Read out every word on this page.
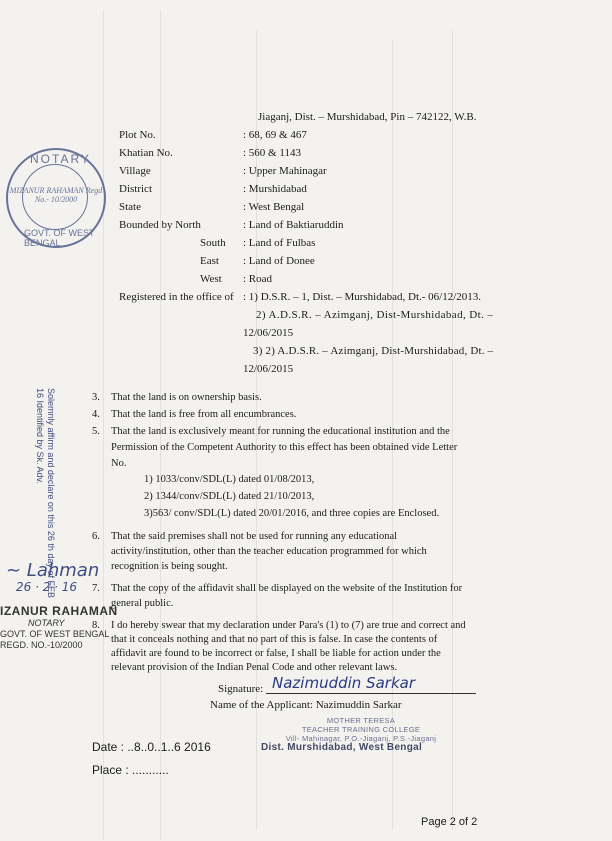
Jiaganj, Dist. – Murshidabad, Pin – 742122, W.B.
Plot No.	: 68, 69 & 467
Khatian No.	: 560 & 1143
Village	: Upper Mahinagar
District	: Murshidabad
State	: West Bengal
Bounded by North	: Land of Baktiaruddin
South : Land of Fulbas
East : Land of Donee
West : Road
Registered in the office of : 1) D.S.R. – 1, Dist. – Murshidabad, Dt.- 06/12/2013.
2) A.D.S.R. – Azimganj, Dist-Murshidabad, Dt. –
12/06/2015
3) 2) A.D.S.R. – Azimganj, Dist-Murshidabad, Dt. –
12/06/2015
3. That the land is on ownership basis.
4. That the land is free from all encumbrances.
5. That the land is exclusively meant for running the educational institution and the
Permission of the Competent Authority to this effect has been obtained vide Letter
No.
1) 1033/conv/SDL(L) dated 01/08/2013,
2) 1344/conv/SDL(L) dated 21/10/2013,
3)563/ conv/SDL(L) dated 20/01/2016, and three copies are Enclosed.
6. That the said premises shall not be used for running any educational
activity/institution, other than the teacher education programmed for which
recognition is being sought.
7. That the copy of the affidavit shall be displayed on the website of the Institution for
general public.
8. I do hereby swear that my declaration under Para's (1) to (7) are true and correct and
that it conceals nothing and that no part of this is false. In case the contents of
affidavit are found to be incorrect or false, I shall be liable for action under the
relevant provision of the Indian Penal Code and other relevant laws.
Signature: Nazimuddin Sarkar
Name of the Applicant: Nazimuddin Sarkar
MOTHER TERESA
TEACHER TRAINING COLLEGE
Vill- Mahinagar, P.O.-Jiaganj, P.S.-Jiaganj
Dist. Murshidabad, West Bengal
Date : ..8..0..1..6 2016
Place : ...........
NOTARY
MIZANUR RAHAMAN Regd No.- 10/2000
GOVT. OF WEST BENGAL
Solemnly affirm and declare on this 26 th day of FEB 16 Identified by Sk. Adv.
~ Lahman
26 · 2 · 16
IZANUR RAHAMAN
NOTARY
GOVT. OF WEST BENGAL
REGD. NO.-10/2000
Page 2 of 2
